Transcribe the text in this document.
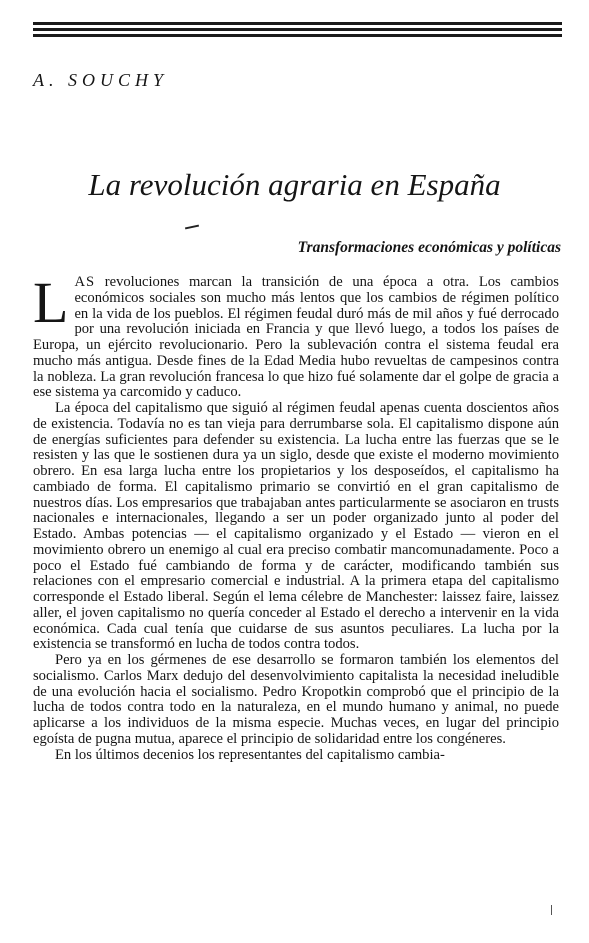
A. SOUCHY
La revolución agraria en España
Transformaciones económicas y políticas

LAS revoluciones marcan la transición de una época a otra. Los cambios económicos sociales son mucho más lentos que los cambios de régimen político en la vida de los pueblos. El régimen feudal duró más de mil años y fué derrocado por una revolución iniciada en Francia y que llevó luego, a todos los países de Europa, un ejército revolucionario. Pero la sublevación contra el sistema feudal era mucho más antigua. Desde fines de la Edad Media hubo revueltas de campesinos contra la nobleza. La gran revolución francesa lo que hizo fué solamente dar el golpe de gracia a ese sistema ya carcomido y caduco.

La época del capitalismo que siguió al régimen feudal apenas cuenta doscientos años de existencia. Todavía no es tan vieja para derrumbarse sola. El capitalismo dispone aún de energías suficientes para defender su existencia. La lucha entre las fuerzas que se le resisten y las que le sostienen dura ya un siglo, desde que existe el moderno movimiento obrero. En esa larga lucha entre los propietarios y los desposeídos, el capitalismo ha cambiado de forma. El capitalismo primario se convirtió en el gran capitalismo de nuestros días. Los empresarios que trabajaban antes particularmente se asociaron en trusts nacionales e internacionales, llegando a ser un poder organizado junto al poder del Estado. Ambas potencias — el capitalismo organizado y el Estado — vieron en el movimiento obrero un enemigo al cual era preciso combatir mancomunadamente. Poco a poco el Estado fué cambiando de forma y de carácter, modificando también sus relaciones con el empresario comercial e industrial. A la primera etapa del capitalismo corresponde el Estado liberal. Según el lema célebre de Manchester: laissez faire, laissez aller, el joven capitalismo no quería conceder al Estado el derecho a intervenir en la vida económica. Cada cual tenía que cuidarse de sus asuntos peculiares. La lucha por la existencia se transformó en lucha de todos contra todos.

Pero ya en los gérmenes de ese desarrollo se formaron también los elementos del socialismo. Carlos Marx dedujo del desenvolvimiento capitalista la necesidad ineludible de una evolución hacia el socialismo. Pedro Kropotkin comprobó que el principio de la lucha de todos contra todo en la naturaleza, en el mundo humano y animal, no puede aplicarse a los individuos de la misma especie. Muchas veces, en lugar del principio egoísta de pugna mutua, aparece el principio de solidaridad entre los congéneres.

En los últimos decenios los representantes del capitalismo cambia-
